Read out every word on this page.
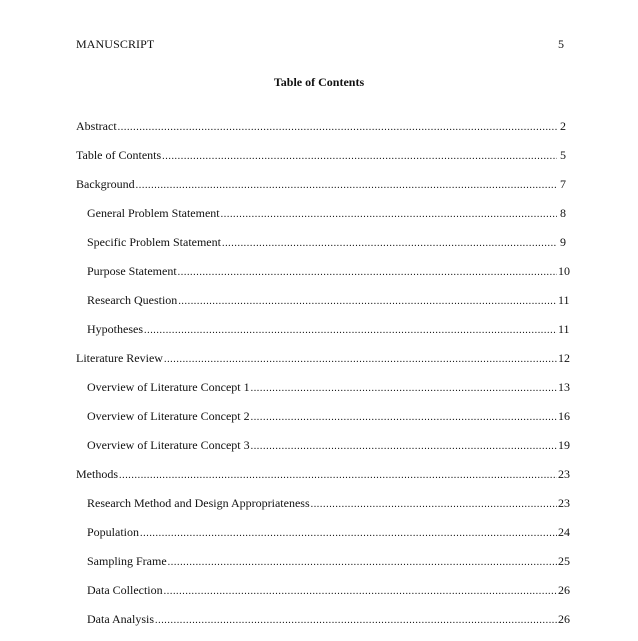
MANUSCRIPT	5
Table of Contents
Abstract .....	2
Table of Contents .....	5
Background .....	7
General Problem Statement .....	8
Specific Problem Statement .....	9
Purpose Statement .....	10
Research Question .....	11
Hypotheses .....	11
Literature Review .....	12
Overview of Literature Concept 1 .....	13
Overview of Literature Concept 2 .....	16
Overview of Literature Concept 3 .....	19
Methods .....	23
Research Method and Design Appropriateness .....	23
Population .....	24
Sampling Frame .....	25
Data Collection .....	26
Data Analysis .....	26
